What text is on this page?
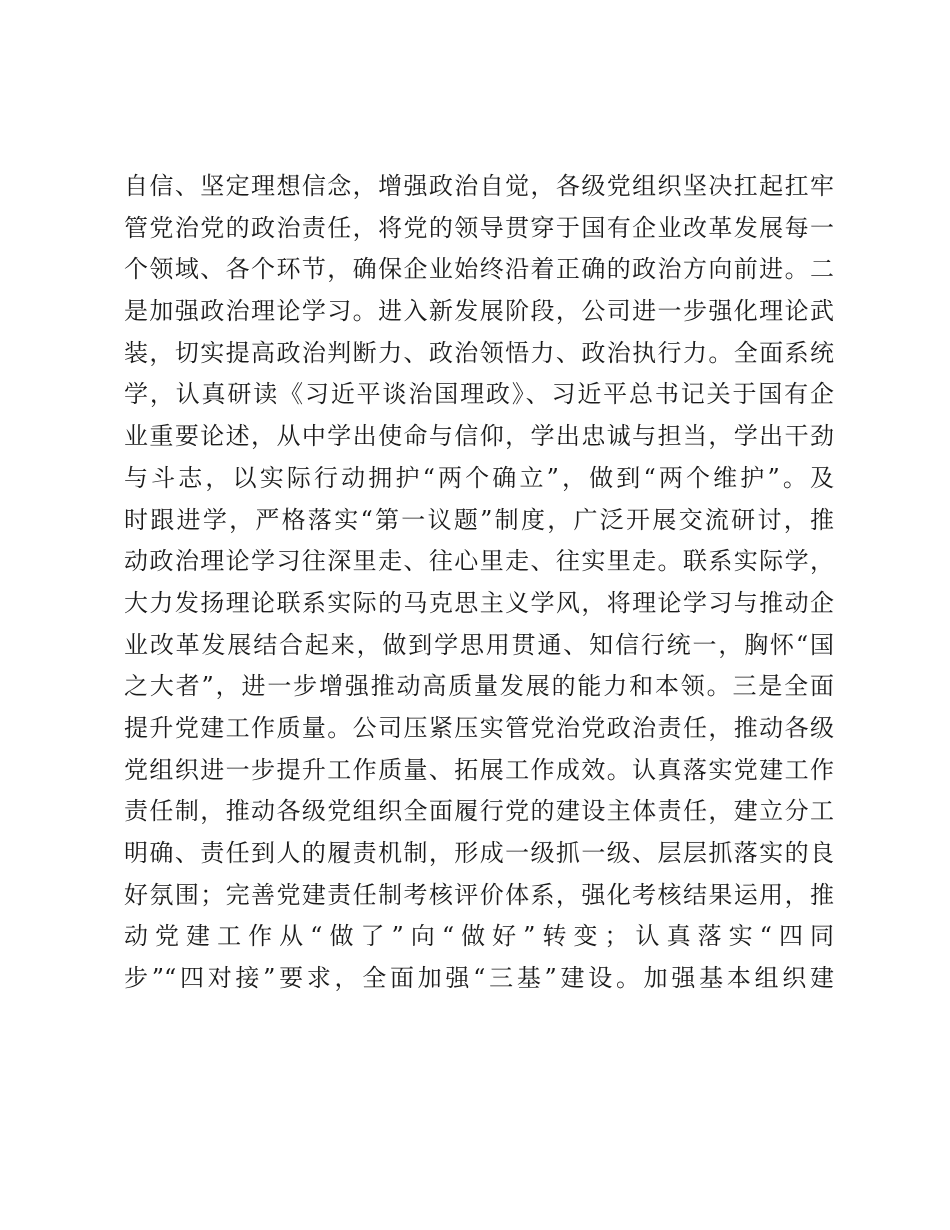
自信、坚定理想信念，增强政治自觉，各级党组织坚决扛起扛牢
管党治党的政治责任，将党的领导贯穿于国有企业改革发展每一
个领域、各个环节，确保企业始终沿着正确的政治方向前进。二
是加强政治理论学习。进入新发展阶段，公司进一步强化理论武
装，切实提高政治判断力、政治领悟力、政治执行力。全面系统
学，认真研读《习近平谈治国理政》、习近平总书记关于国有企
业重要论述，从中学出使命与信仰，学出忠诚与担当，学出干劲
与斗志，以实际行动拥护“两个确立”，做到“两个维护”。及
时跟进学，严格落实“第一议题”制度，广泛开展交流研讨，推
动政治理论学习往深里走、往心里走、往实里走。联系实际学，
大力发扬理论联系实际的马克思主义学风，将理论学习与推动企
业改革发展结合起来，做到学思用贯通、知信行统一，胸怀“国
之大者”，进一步增强推动高质量发展的能力和本领。三是全面
提升党建工作质量。公司压紧压实管党治党政治责任，推动各级
党组织进一步提升工作质量、拓展工作成效。认真落实党建工作
责任制，推动各级党组织全面履行党的建设主体责任，建立分工
明确、责任到人的履责机制，形成一级抓一级、层层抓落实的良
好氛围；完善党建责任制考核评价体系，强化考核结果运用，推
动党建工作从“做了”向“做好”转变；认真落实“四同
步”“四对接”要求，全面加强“三基”建设。加强基本组织建
